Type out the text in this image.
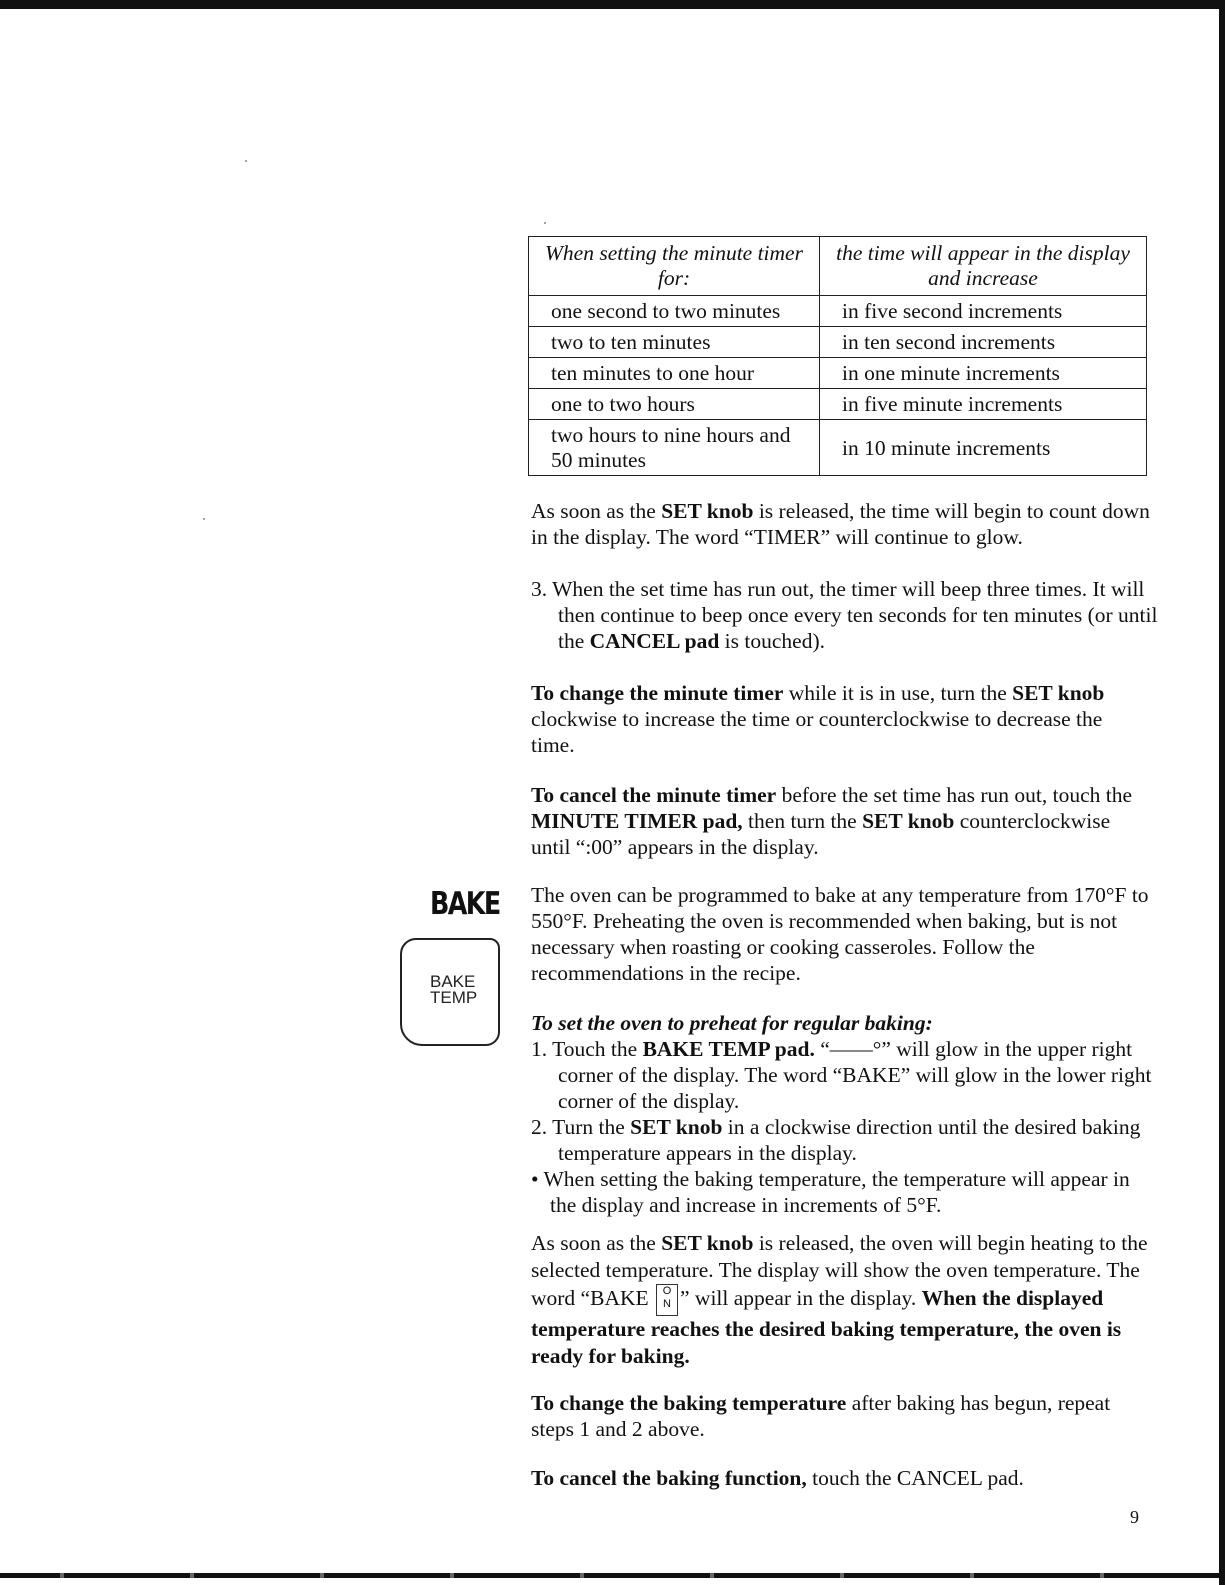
When setting the minute timer for:	the time will appear in the display and increase
one second to two minutes	in five second increments
two to ten minutes	in ten second increments
ten minutes to one hour	in one minute increments
one to two hours	in five minute increments
two hours to nine hours and 50 minutes	in 10 minute increments

As soon as the SET knob is released, the time will begin to count down in the display. The word “TIMER” will continue to glow.

3. When the set time has run out, the timer will beep three times. It will then continue to beep once every ten seconds for ten minutes (or until the CANCEL pad is touched).

To change the minute timer while it is in use, turn the SET knob clockwise to increase the time or counterclockwise to decrease the time.

To cancel the minute timer before the set time has run out, touch the MINUTE TIMER pad, then turn the SET knob counterclockwise until “:00” appears in the display.

BAKE
BAKE
TEMP

The oven can be programmed to bake at any temperature from 170°F to 550°F. Preheating the oven is recommended when baking, but is not necessary when roasting or cooking casseroles. Follow the recommendations in the recipe.

To set the oven to preheat for regular baking:

1. Touch the BAKE TEMP pad. “——°” will glow in the upper right corner of the display. The word “BAKE” will glow in the lower right corner of the display.

2. Turn the SET knob in a clockwise direction until the desired baking temperature appears in the display.

• When setting the baking temperature, the temperature will appear in the display and increase in increments of 5°F.

As soon as the SET knob is released, the oven will begin heating to the selected temperature. The display will show the oven temperature. The word “BAKE O
N ” will appear in the display. When the displayed temperature reaches the desired baking temperature, the oven is ready for baking.

To change the baking temperature after baking has begun, repeat steps 1 and 2 above.

To cancel the baking function, touch the CANCEL pad.

9
